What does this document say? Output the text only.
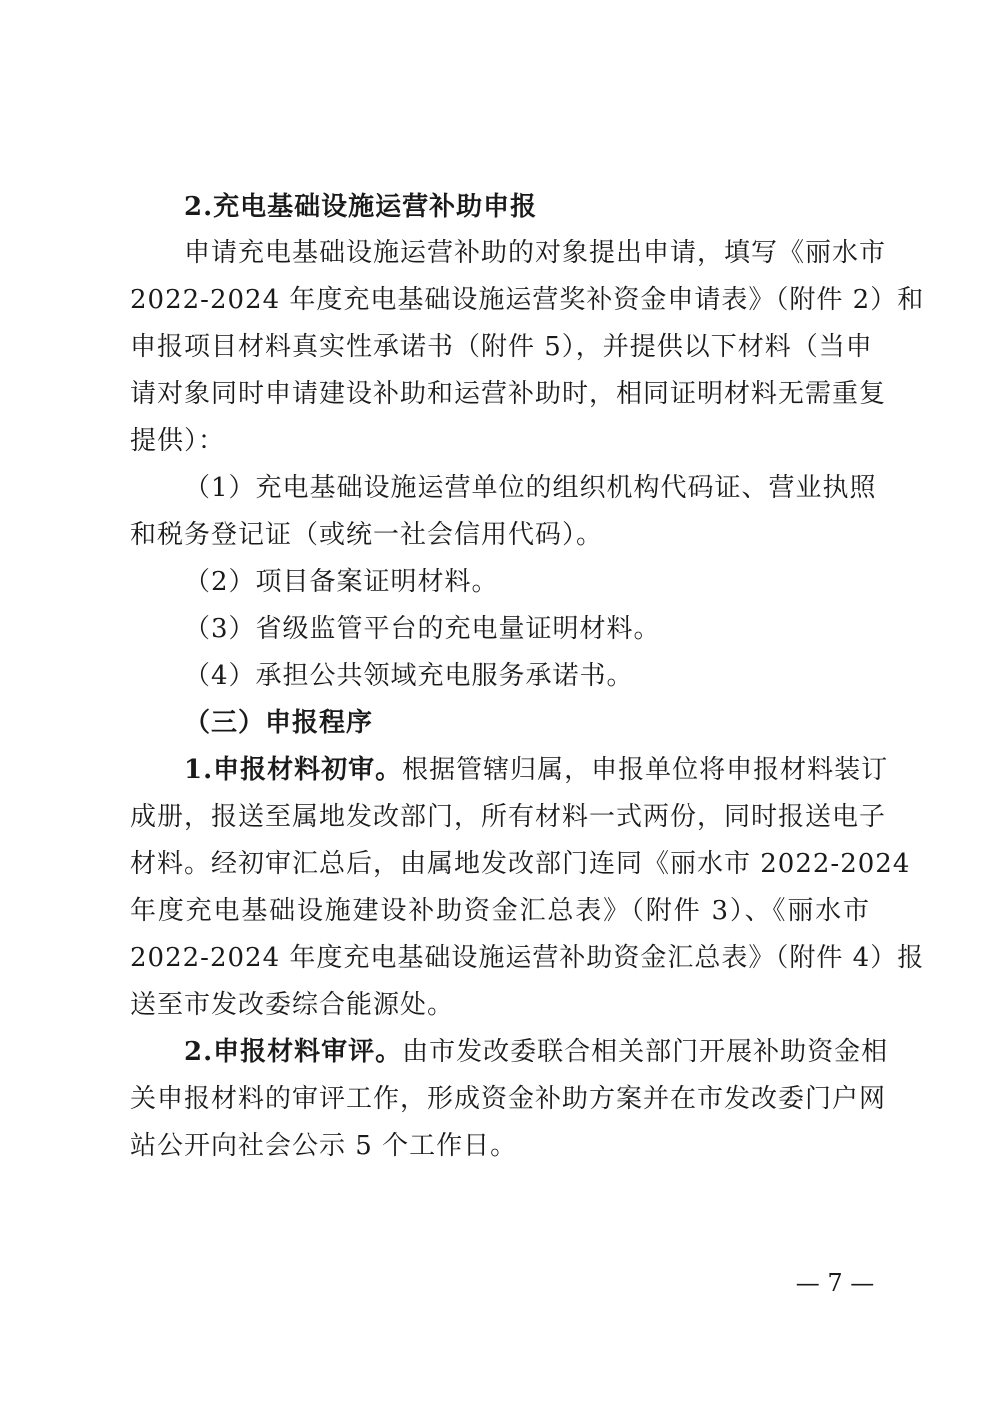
2.充电基础设施运营补助申报
申请充电基础设施运营补助的对象提出申请，填写《丽水市
2022-2024 年度充电基础设施运营奖补资金申请表》（附件 2）和
申报项目材料真实性承诺书（附件 5），并提供以下材料（当申
请对象同时申请建设补助和运营补助时，相同证明材料无需重复
提供）：
（1）充电基础设施运营单位的组织机构代码证、营业执照
和税务登记证（或统一社会信用代码）。
（2）项目备案证明材料。
（3）省级监管平台的充电量证明材料。
（4）承担公共领域充电服务承诺书。
（三）申报程序
1.申报材料初审。根据管辖归属，申报单位将申报材料装订
成册，报送至属地发改部门，所有材料一式两份，同时报送电子
材料。经初审汇总后，由属地发改部门连同《丽水市 2022-2024
年度充电基础设施建设补助资金汇总表》（附件 3）、《丽水市
2022-2024 年度充电基础设施运营补助资金汇总表》（附件 4）报
送至市发改委综合能源处。
2.申报材料审评。由市发改委联合相关部门开展补助资金相
关申报材料的审评工作，形成资金补助方案并在市发改委门户网
站公开向社会公示 5 个工作日。
— 7 —
